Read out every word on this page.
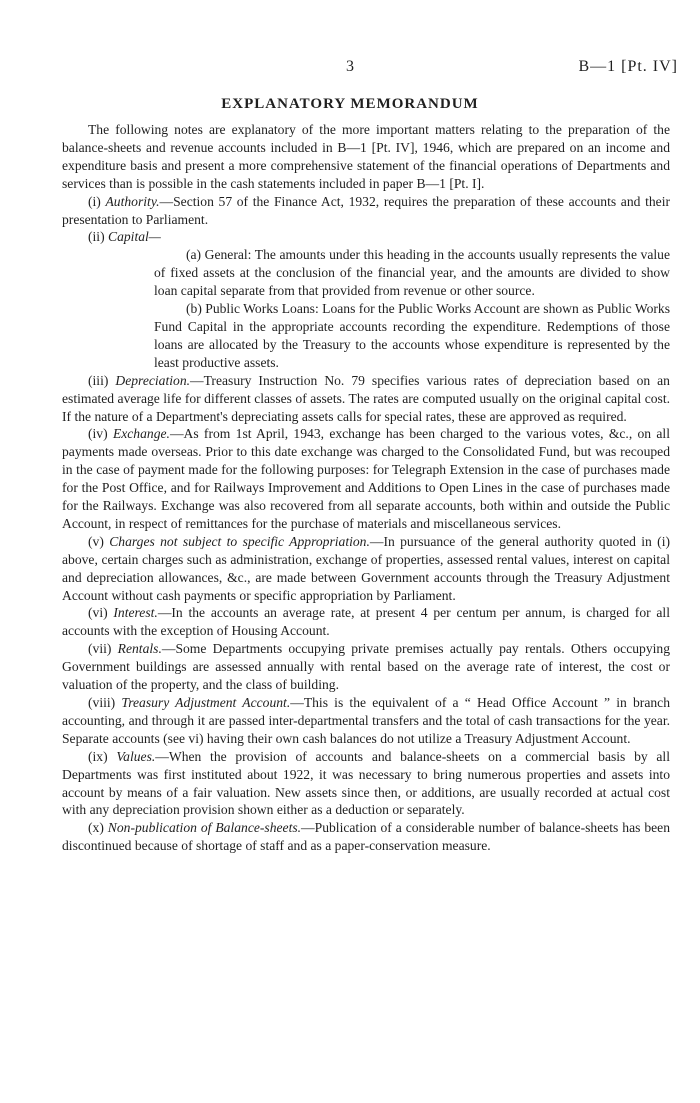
3	B—1 [Pt. IV]
EXPLANATORY MEMORANDUM

The following notes are explanatory of the more important matters relating to the preparation of the balance-sheets and revenue accounts included in B—1 [Pt. IV], 1946, which are prepared on an income and expenditure basis and present a more comprehensive statement of the financial operations of Departments and services than is possible in the cash statements included in paper B—1 [Pt. I].

(i) Authority.—Section 57 of the Finance Act, 1932, requires the preparation of these accounts and their presentation to Parliament.

(ii) Capital—

(a) General: The amounts under this heading in the accounts usually represents the value of fixed assets at the conclusion of the financial year, and the amounts are divided to show loan capital separate from that provided from revenue or other source.

(b) Public Works Loans: Loans for the Public Works Account are shown as Public Works Fund Capital in the appropriate accounts recording the expenditure. Redemptions of those loans are allocated by the Treasury to the accounts whose expenditure is represented by the least productive assets.

(iii) Depreciation.—Treasury Instruction No. 79 specifies various rates of depreciation based on an estimated average life for different classes of assets. The rates are computed usually on the original capital cost. If the nature of a Department's depreciating assets calls for special rates, these are approved as required.

(iv) Exchange.—As from 1st April, 1943, exchange has been charged to the various votes, &c., on all payments made overseas. Prior to this date exchange was charged to the Consolidated Fund, but was recouped in the case of payment made for the following purposes: for Telegraph Extension in the case of purchases made for the Post Office, and for Railways Improvement and Additions to Open Lines in the case of purchases made for the Railways. Exchange was also recovered from all separate accounts, both within and outside the Public Account, in respect of remittances for the purchase of materials and miscellaneous services.

(v) Charges not subject to specific Appropriation.—In pursuance of the general authority quoted in (i) above, certain charges such as administration, exchange of properties, assessed rental values, interest on capital and depreciation allowances, &c., are made between Government accounts through the Treasury Adjustment Account without cash payments or specific appropriation by Parliament.

(vi) Interest.—In the accounts an average rate, at present 4 per centum per annum, is charged for all accounts with the exception of Housing Account.

(vii) Rentals.—Some Departments occupying private premises actually pay rentals. Others occupying Government buildings are assessed annually with rental based on the average rate of interest, the cost or valuation of the property, and the class of building.

(viii) Treasury Adjustment Account.—This is the equivalent of a “ Head Office Account ” in branch accounting, and through it are passed inter-departmental transfers and the total of cash transactions for the year. Separate accounts (see vi) having their own cash balances do not utilize a Treasury Adjustment Account.

(ix) Values.—When the provision of accounts and balance-sheets on a commercial basis by all Departments was first instituted about 1922, it was necessary to bring numerous properties and assets into account by means of a fair valuation. New assets since then, or additions, are usually recorded at actual cost with any depreciation provision shown either as a deduction or separately.

(x) Non-publication of Balance-sheets.—Publication of a considerable number of balance-sheets has been discontinued because of shortage of staff and as a paper-conservation measure.
